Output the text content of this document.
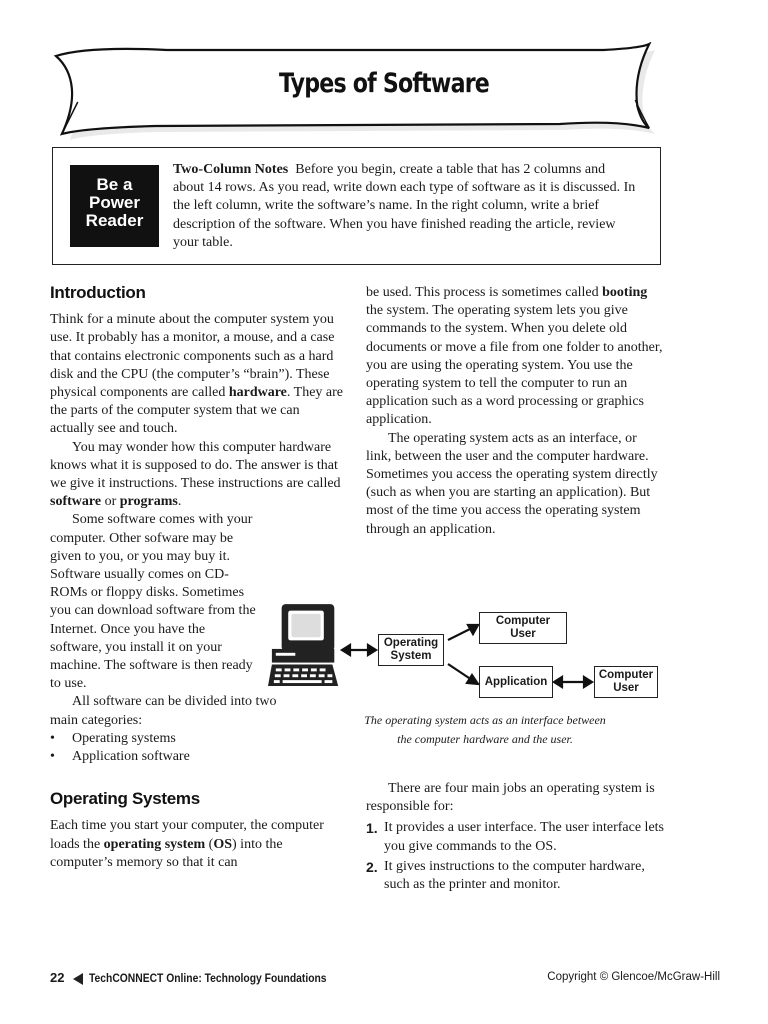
Types of Software
Be a
Power
Reader
Two-Column Notes Before you begin, create a table that has 2 columns and about 14 rows. As you read, write down each type of software as it is discussed. In the left column, write the software’s name. In the right column, write a brief description of the software. When you have finished reading the article, review your table.
Introduction

Think for a minute about the computer system you use. It probably has a monitor, a mouse, and a case that contains electronic components such as a hard disk and the CPU (the computer’s “brain”). These physical components are called hardware. They are the parts of the computer system that we can actually see and touch.

You may wonder how this computer hardware knows what it is supposed to do. The answer is that we give it instructions. These instructions are called software or programs.

Some software comes with your computer. Other sofware may be given to you, or you may buy it. Software usually comes on CD-ROMs or floppy disks. Sometimes you can download software from the Internet. Once you have the software, you install it on your machine. The software is then ready to use.

All software can be divided into two main categories:

• Operating systems
• Application software
Operating Systems

Each time you start your computer, the computer loads the operating system (OS) into the computer’s memory so that it can

be used. This process is sometimes called booting the system. The operating system lets you give commands to the system. When you delete old documents or move a file from one folder to another, you are using the operating system. You use the operating system to tell the computer to run an application such as a word processing or graphics application.

The operating system acts as an interface, or link, between the user and the computer hardware. Sometimes you access the operating system directly (such as when you are starting an application). But most of the time you access the operating system through an application.

Operating
System
Computer
User
Application
Computer
User
The operating system acts as an interface between
the computer hardware and the user.

There are four main jobs an operating system is responsible for:

1. It provides a user interface. The user interface lets you give commands to the OS.
2. It gives instructions to the computer hardware, such as the printer and monitor.
22 TechCONNECT Online: Technology Foundations	Copyright © Glencoe/McGraw-Hill
